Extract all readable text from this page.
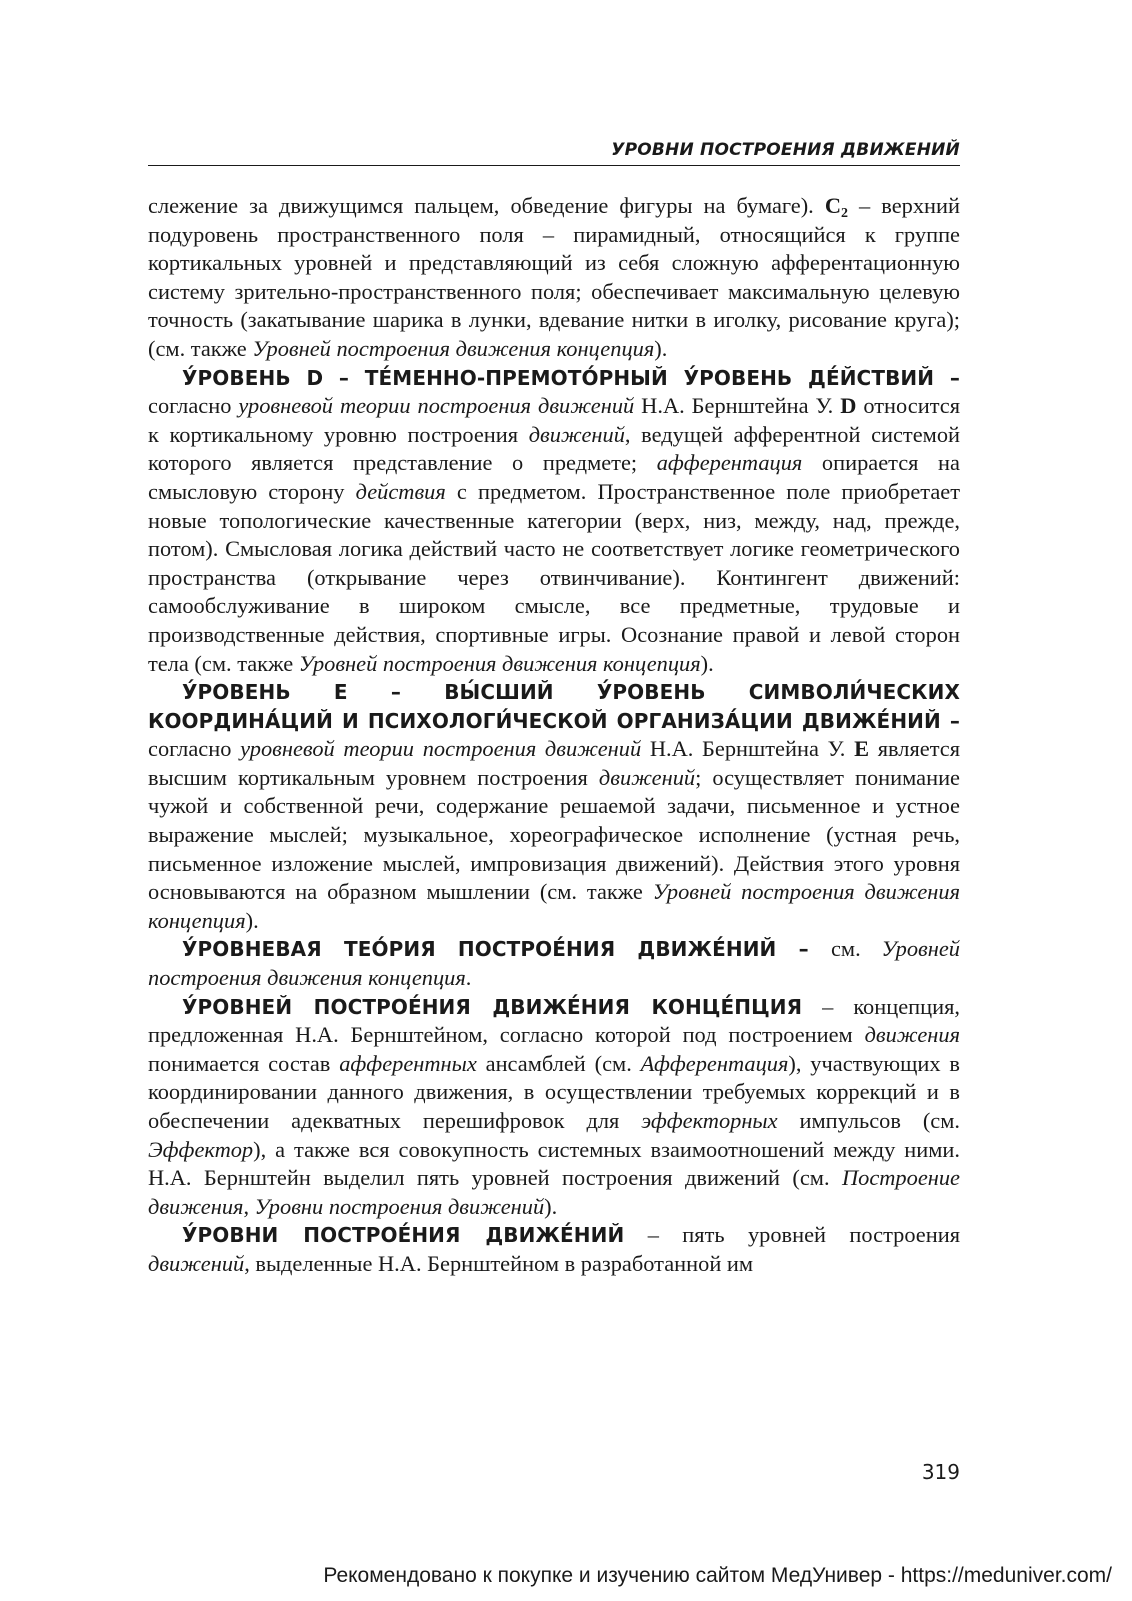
УРОВНИ ПОСТРОЕНИЯ ДВИЖЕНИЙ

слежение за движущимся пальцем, обведение фигуры на бумаге). $C_2$ – верхний подуровень пространственного поля – пирамидный, относящийся к группе кортикальных уровней и представляющий из себя сложную афферентационную систему зрительно-пространственного поля; обеспечивает максимальную целевую точность (закатывание шарика в лунки, вдевание нитки в иголку, рисование круга); (см. также Уровней построения движения концепция).

У́РОВЕНЬ D – ТЕ́МЕННО-ПРЕМОТО́РНЫЙ У́РОВЕНЬ ДЕ́ЙСТВИЙ – согласно уровневой теории построения движений Н.А. Бернштейна У. D относится к кортикальному уровню построения движений, ведущей афферентной системой которого является представление о предмете; афферентация опирается на смысловую сторону действия с предметом. Пространственное поле приобретает новые топологические качественные категории (верх, низ, между, над, прежде, потом). Смысловая логика действий часто не соответствует логике геометрического пространства (открывание через отвинчивание). Контингент движений: самообслуживание в широком смысле, все предметные, трудовые и производственные действия, спортивные игры. Осознание правой и левой сторон тела (см. также Уровней построения движения концепция).

У́РОВЕНЬ E – ВЫ́СШИЙ У́РОВЕНЬ СИМВОЛИ́ЧЕСКИХ КООРДИНА́ЦИЙ И ПСИХОЛОГИ́ЧЕСКОЙ ОРГАНИЗА́ЦИИ ДВИЖЕ́НИЙ – согласно уровневой теории построения движений Н.А. Бернштейна У. E является высшим кортикальным уровнем построения движений; осуществляет понимание чужой и собственной речи, содержание решаемой задачи, письменное и устное выражение мыслей; музыкальное, хореографическое исполнение (устная речь, письменное изложение мыслей, импровизация движений). Действия этого уровня основываются на образном мышлении (см. также Уровней построения движения концепция).

У́РОВНЕВАЯ ТЕО́РИЯ ПОСТРОЕ́НИЯ ДВИЖЕ́НИЙ – см. Уровней построения движения концепция.

У́РОВНЕЙ ПОСТРОЕ́НИЯ ДВИЖЕ́НИЯ КОНЦЕ́ПЦИЯ – концепция, предложенная Н.А. Бернштейном, согласно которой под построением движения понимается состав афферентных ансамблей (см. Афферентация), участвующих в координировании данного движения, в осуществлении требуемых коррекций и в обеспечении адекватных перешифровок для эффекторных импульсов (см. Эффектор), а также вся совокупность системных взаимоотношений между ними. Н.А. Бернштейн выделил пять уровней построения движений (см. Построение движения, Уровни построения движений).

У́РОВНИ ПОСТРОЕ́НИЯ ДВИЖЕ́НИЙ – пять уровней построения движений, выделенные Н.А. Бернштейном в разработанной им

319
Рекомендовано к покупке и изучению сайтом МедУнивер - https://meduniver.com/
